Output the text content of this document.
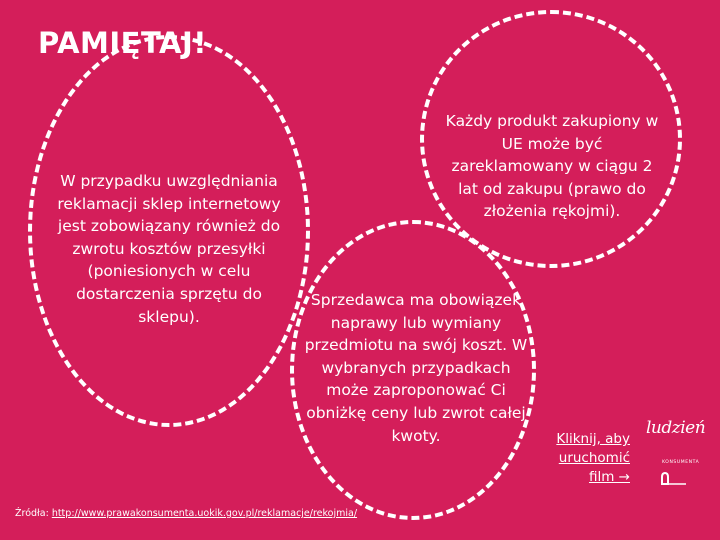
PAMIĘTAJ!
W przypadku uwzględniania reklamacji sklep internetowy jest zobowiązany również do zwrotu kosztów przesyłki (poniesionych w celu dostarczenia sprzętu do sklepu).
Każdy produkt zakupiony w UE może być zareklamowany w ciągu 2 lat od zakupu (prawo do złożenia rękojmi).
Sprzedawca ma obowiązek naprawy lub wymiany przedmiotu na swój koszt. W wybranych przypadkach może zaproponować Ci obniżkę ceny lub zwrot całej kwoty.	Kliknij, aby uruchomić film →
ludzień
KONSUMENTA
Źródła: http://www.prawakonsumenta.uokik.gov.pl/reklamacje/rekojmia/
